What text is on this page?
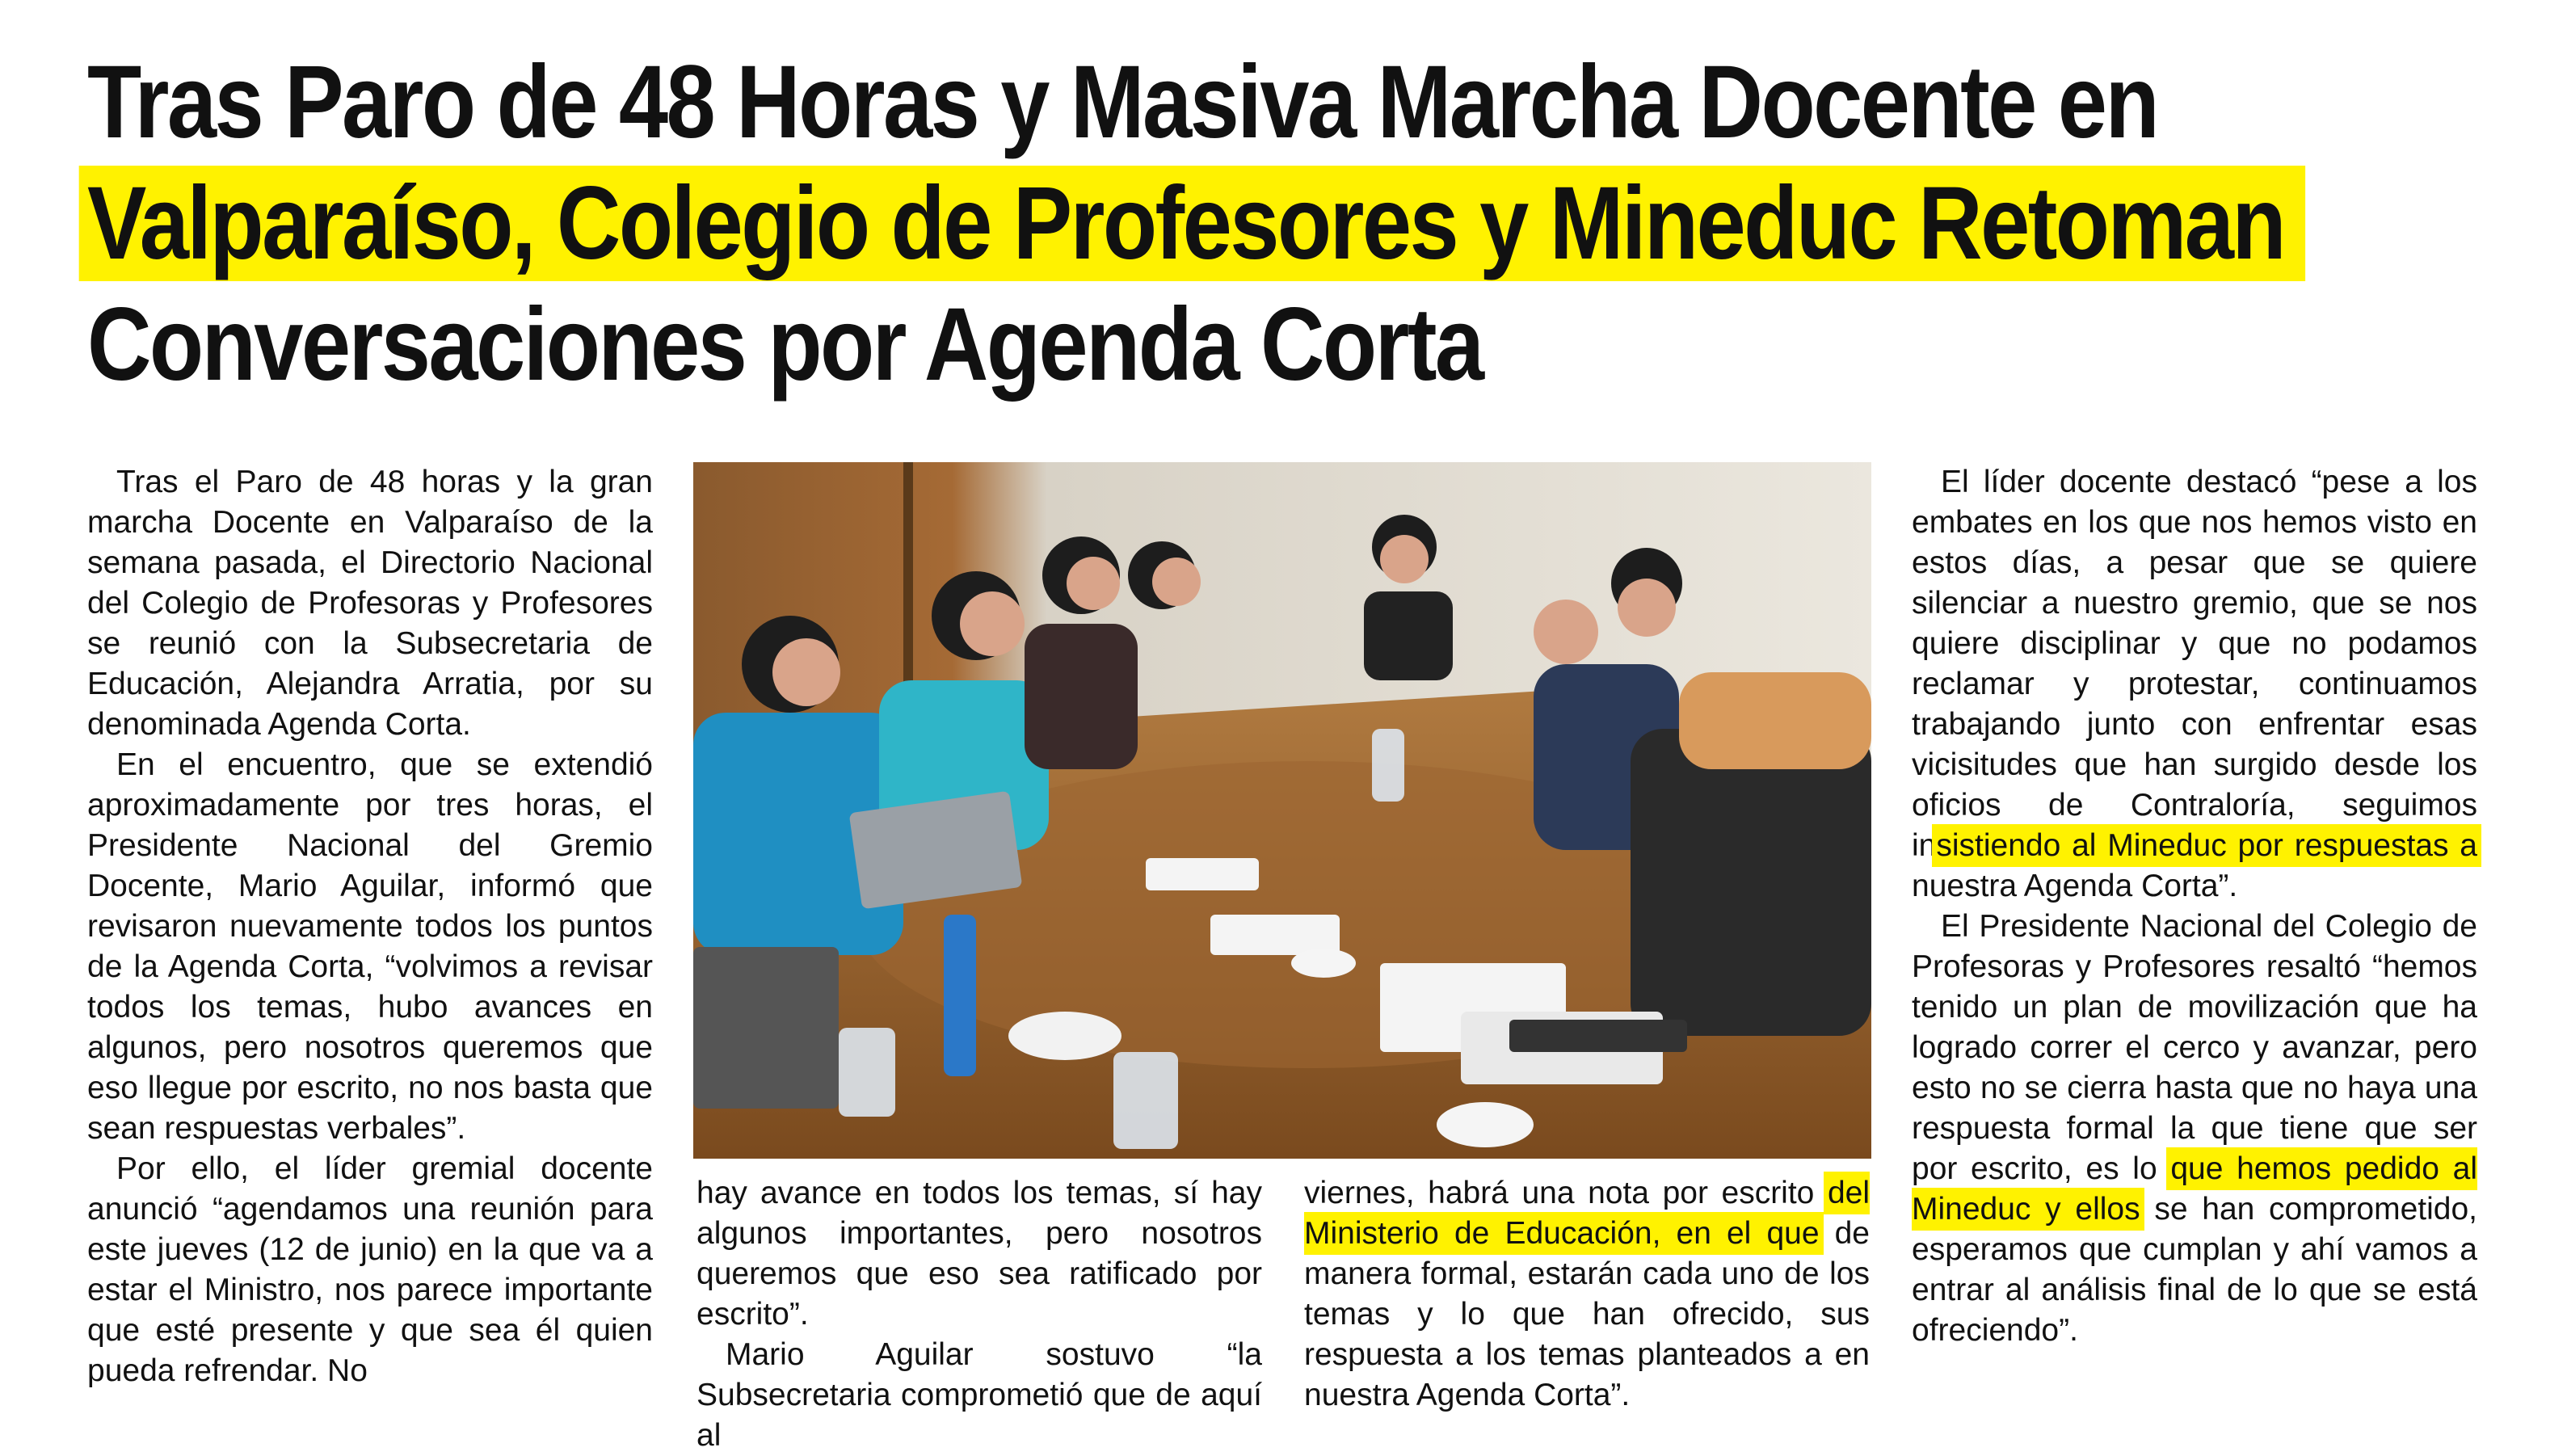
Tras Paro de 48 Horas y Masiva Marcha Docente en
Valparaíso, Colegio de Profesores y Mineduc Retoman
Conversaciones por Agenda Corta

Tras el Paro de 48 horas y la gran marcha Docente en Valparaíso de la semana pasada, el Directorio Nacional del Colegio de Profesoras y Profesores se reunió con la Subsecretaria de Educación, Alejandra Arratia, por su denominada Agenda Corta.

En el encuentro, que se extendió aproximadamente por tres horas, el Presidente Nacional del Gremio Docente, Mario Aguilar, informó que revisaron nuevamente todos los puntos de la Agenda Corta, “volvimos a revisar todos los temas, hubo avances en algunos, pero nosotros queremos que eso llegue por escrito, no nos basta que sean respuestas verbales”.

Por ello, el líder gremial docente anunció “agendamos una reunión para este jueves (12 de junio) en la que va a estar el Ministro, nos parece importante que esté presente y que sea él quien pueda refrendar. No

hay avance en todos los temas, sí hay algunos importantes, pero nosotros queremos que eso sea ratificado por escrito”.

Mario Aguilar sostuvo “la Subsecretaria comprometió que de aquí al

viernes, habrá una nota por escrito del Ministerio de Educación, en el que de manera formal, estarán cada uno de los temas y lo que han ofrecido, sus respuesta a los temas planteados a en nuestra Agenda Corta”.

El líder docente destacó “pese a los embates en los que nos hemos visto en estos días, a pesar que se quiere silenciar a nuestro gremio, que se nos quiere disciplinar y que no podamos reclamar y protestar, continuamos trabajando junto con enfrentar esas vicisitudes que han surgido desde los oficios de Contraloría, seguimos insistiendo al Mineduc por respuestas a nuestra Agenda Corta”.

El Presidente Nacional del Colegio de Profesoras y Profesores resaltó “hemos tenido un plan de movilización que ha logrado correr el cerco y avanzar, pero esto no se cierra hasta que no haya una respuesta formal la que tiene que ser por escrito, es lo que hemos pedido al Mineduc y ellos se han comprometido, esperamos que cumplan y ahí vamos a entrar al análisis final de lo que se está ofreciendo”.
